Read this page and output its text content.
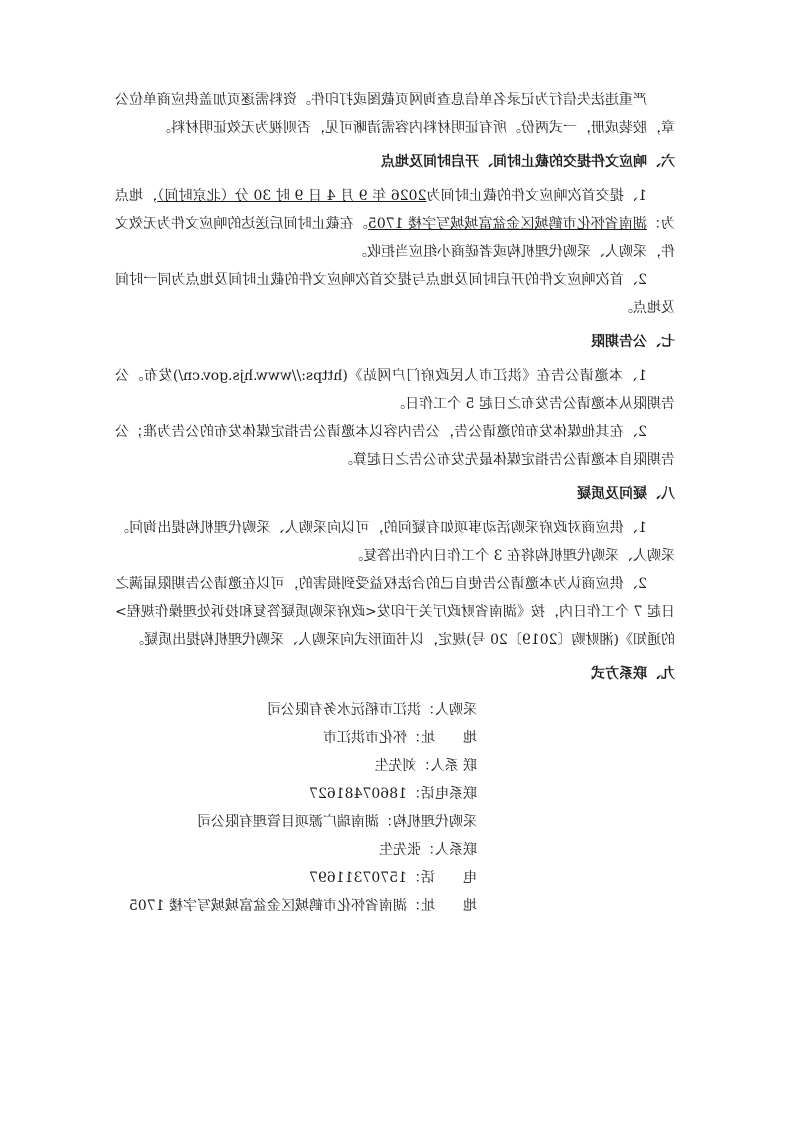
严重违法失信行为记录名单信息查询网页截图或打印件。资料需逐页加盖供应商单位公章，胶装成册，一式两份。所有证明材料内容需清晰可见，否则视为无效证明材料。

六、响应文件提交的截止时间、开启时间及地点

1、提交首次响应文件的截止时间为2026 年 9 月 4 日 9 时 30 分（北京时间），地点为：湖南省怀化市鹤城区金盆富城城写字楼 1705。在截止时间后送达的响应文件为无效文件，采购人、采购代理机构或者磋商小组应当拒收。

2、首次响应文件的开启时间及地点与提交首次响应文件的截止时间及地点为同一时间及地点。

七、公告期限

1、本邀请公告在《洪江市人民政府门户网站》(https://www.hjs.gov.cn/)发布。公告期限从本邀请公告发布之日起 5 个工作日。

2、在其他媒体发布的邀请公告，公告内容以本邀请公告指定媒体发布的公告为准；公告期限自本邀请公告指定媒体最先发布公告之日起算。

八、疑问及质疑

1、供应商对政府采购活动事项如有疑问的，可以向采购人、采购代理机构提出询问。采购人、采购代理机构将在 3 个工作日内作出答复。

2、供应商认为本邀请公告使自己的合法权益受到损害的，可以在邀请公告期限届满之日起 7 个工作日内，按《湖南省财政厅关于印发<政府采购质疑答复和投诉处理操作规程>的通知》(湘财购〔2019〕20 号)规定，以书面形式向采购人、采购代理机构提出质疑。

九、联系方式
采购人：洪江市稻沅水务有限公司
地　　址：怀化市洪江市
联 系人：刘先生
联系电话：18607481627
采购代理机构：湖南瑞广源项目管理有限公司
联系人：张先生
电　　话：15707311697
地　　址：湖南省怀化市鹤城区金盆富城城写字楼 1705
